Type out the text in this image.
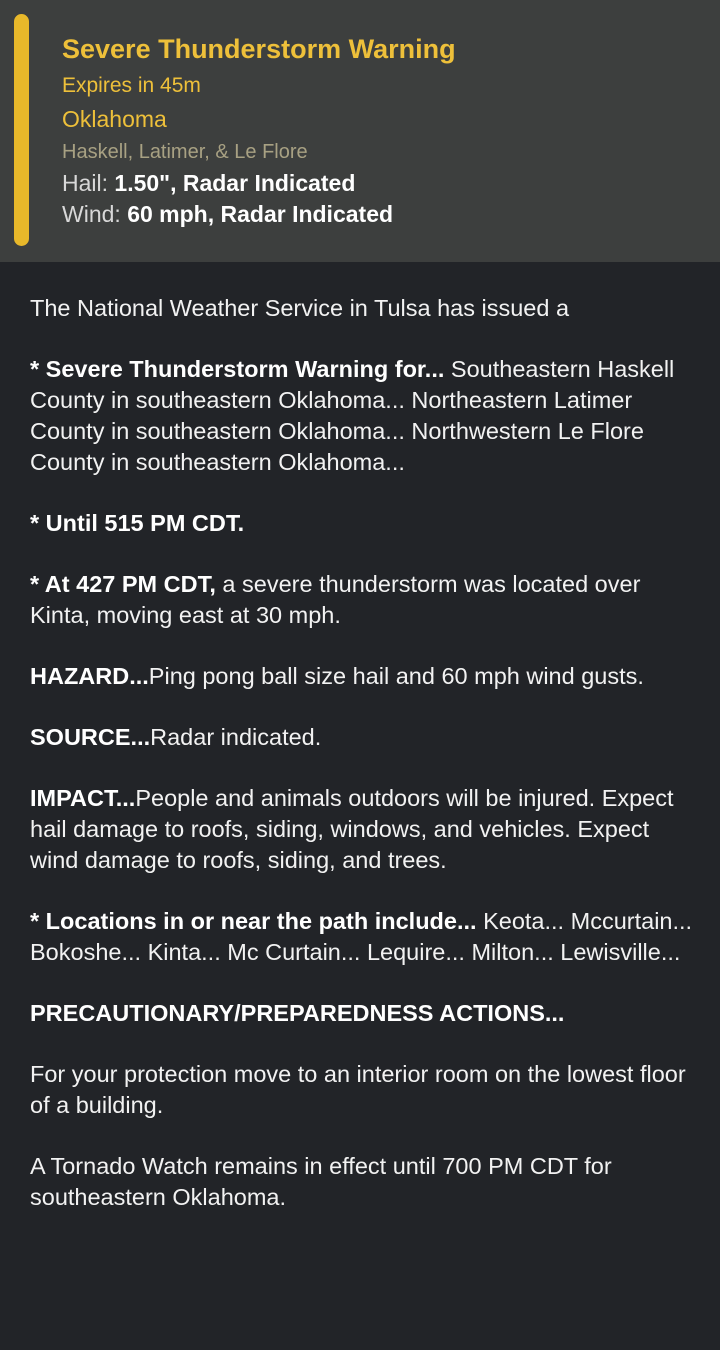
Severe Thunderstorm Warning
Expires in 45m
Oklahoma
Haskell, Latimer, & Le Flore
Hail: 1.50", Radar Indicated
Wind: 60 mph, Radar Indicated

The National Weather Service in Tulsa has issued a

* Severe Thunderstorm Warning for... Southeastern Haskell County in southeastern Oklahoma... Northeastern Latimer County in southeastern Oklahoma... Northwestern Le Flore County in southeastern Oklahoma...

* Until 515 PM CDT.

* At 427 PM CDT, a severe thunderstorm was located over Kinta, moving east at 30 mph.

HAZARD...Ping pong ball size hail and 60 mph wind gusts.

SOURCE...Radar indicated.

IMPACT...People and animals outdoors will be injured. Expect hail damage to roofs, siding, windows, and vehicles. Expect wind damage to roofs, siding, and trees.

* Locations in or near the path include... Keota... Mccurtain... Bokoshe... Kinta... Mc Curtain... Lequire... Milton... Lewisville...

PRECAUTIONARY/PREPAREDNESS ACTIONS...

For your protection move to an interior room on the lowest floor of a building.

A Tornado Watch remains in effect until 700 PM CDT for southeastern Oklahoma.
